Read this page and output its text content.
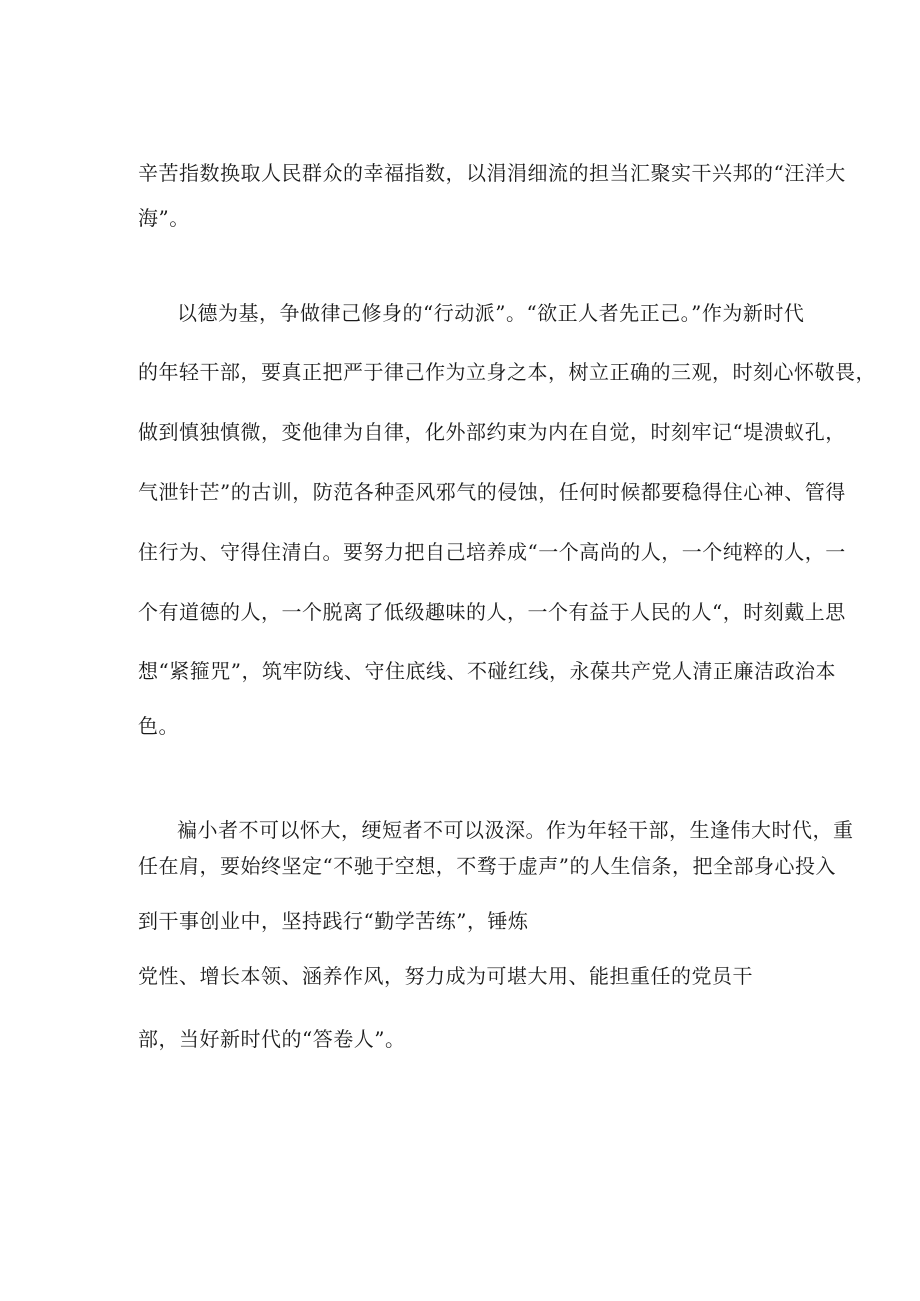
辛苦指数换取人民群众的幸福指数，以涓涓细流的担当汇聚实干兴邦的“汪洋大
海”。
以德为基，争做律己修身的“行动派”。“欲正人者先正己。”作为新时代
的年轻干部，要真正把严于律己作为立身之本，树立正确的三观，时刻心怀敬畏，
做到慎独慎微，变他律为自律，化外部约束为内在自觉，时刻牢记“堤溃蚁孔，
气泄针芒”的古训，防范各种歪风邪气的侵蚀，任何时候都要稳得住心神、管得
住行为、守得住清白。要努力把自己培养成“一个高尚的人，一个纯粹的人，一
个有道德的人，一个脱离了低级趣味的人，一个有益于人民的人“，时刻戴上思
想“紧箍咒”，筑牢防线、守住底线、不碰红线，永葆共产党人清正廉洁政治本
色。
褊小者不可以怀大，绠短者不可以汲深。作为年轻干部，生逢伟大时代，重
任在肩，要始终坚定“不驰于空想，不骛于虚声”的人生信条，把全部身心投入
到干事创业中，坚持践行“勤学苦练”，锤炼
党性、增长本领、涵养作风，努力成为可堪大用、能担重任的党员干
部，当好新时代的“答卷人”。
